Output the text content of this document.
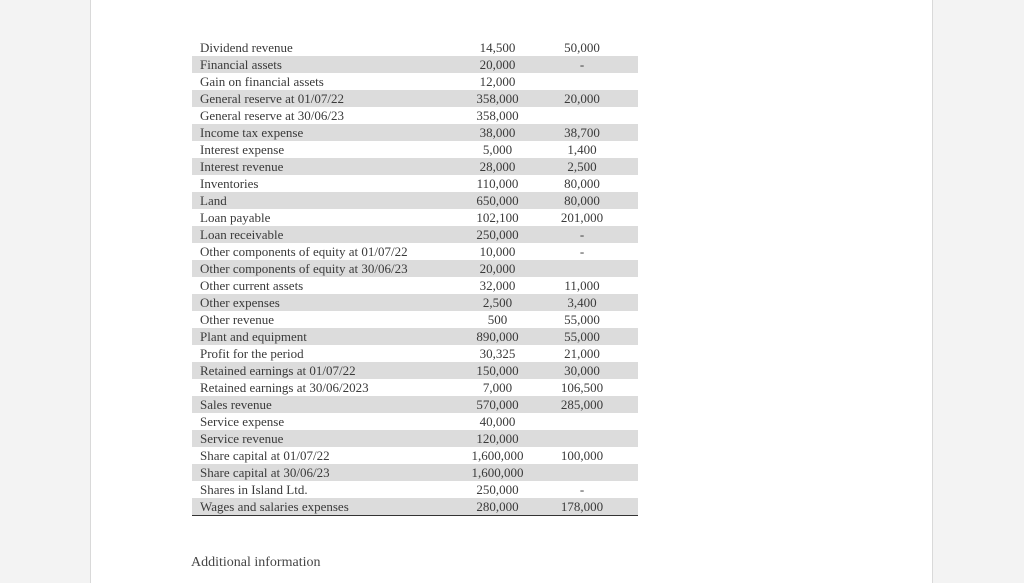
Dividend revenue	14,500	50,000
Financial assets	20,000	-
Gain on financial assets	12,000
General reserve at 01/07/22	358,000	20,000
General reserve at 30/06/23	358,000
Income tax expense	38,000	38,700
Interest expense	5,000	1,400
Interest revenue	28,000	2,500
Inventories	110,000	80,000
Land	650,000	80,000
Loan payable	102,100	201,000
Loan receivable	250,000	-
Other components of equity at 01/07/22	10,000	-
Other components of equity at 30/06/23	20,000
Other current assets	32,000	11,000
Other expenses	2,500	3,400
Other revenue	500	55,000
Plant and equipment	890,000	55,000
Profit for the period	30,325	21,000
Retained earnings at 01/07/22	150,000	30,000
Retained earnings at 30/06/2023	7,000	106,500
Sales revenue	570,000	285,000
Service expense	40,000
Service revenue	120,000
Share capital at 01/07/22	1,600,000	100,000
Share capital at 30/06/23	1,600,000
Shares in Island Ltd.	250,000	-
Wages and salaries expenses	280,000	178,000
Additional information
